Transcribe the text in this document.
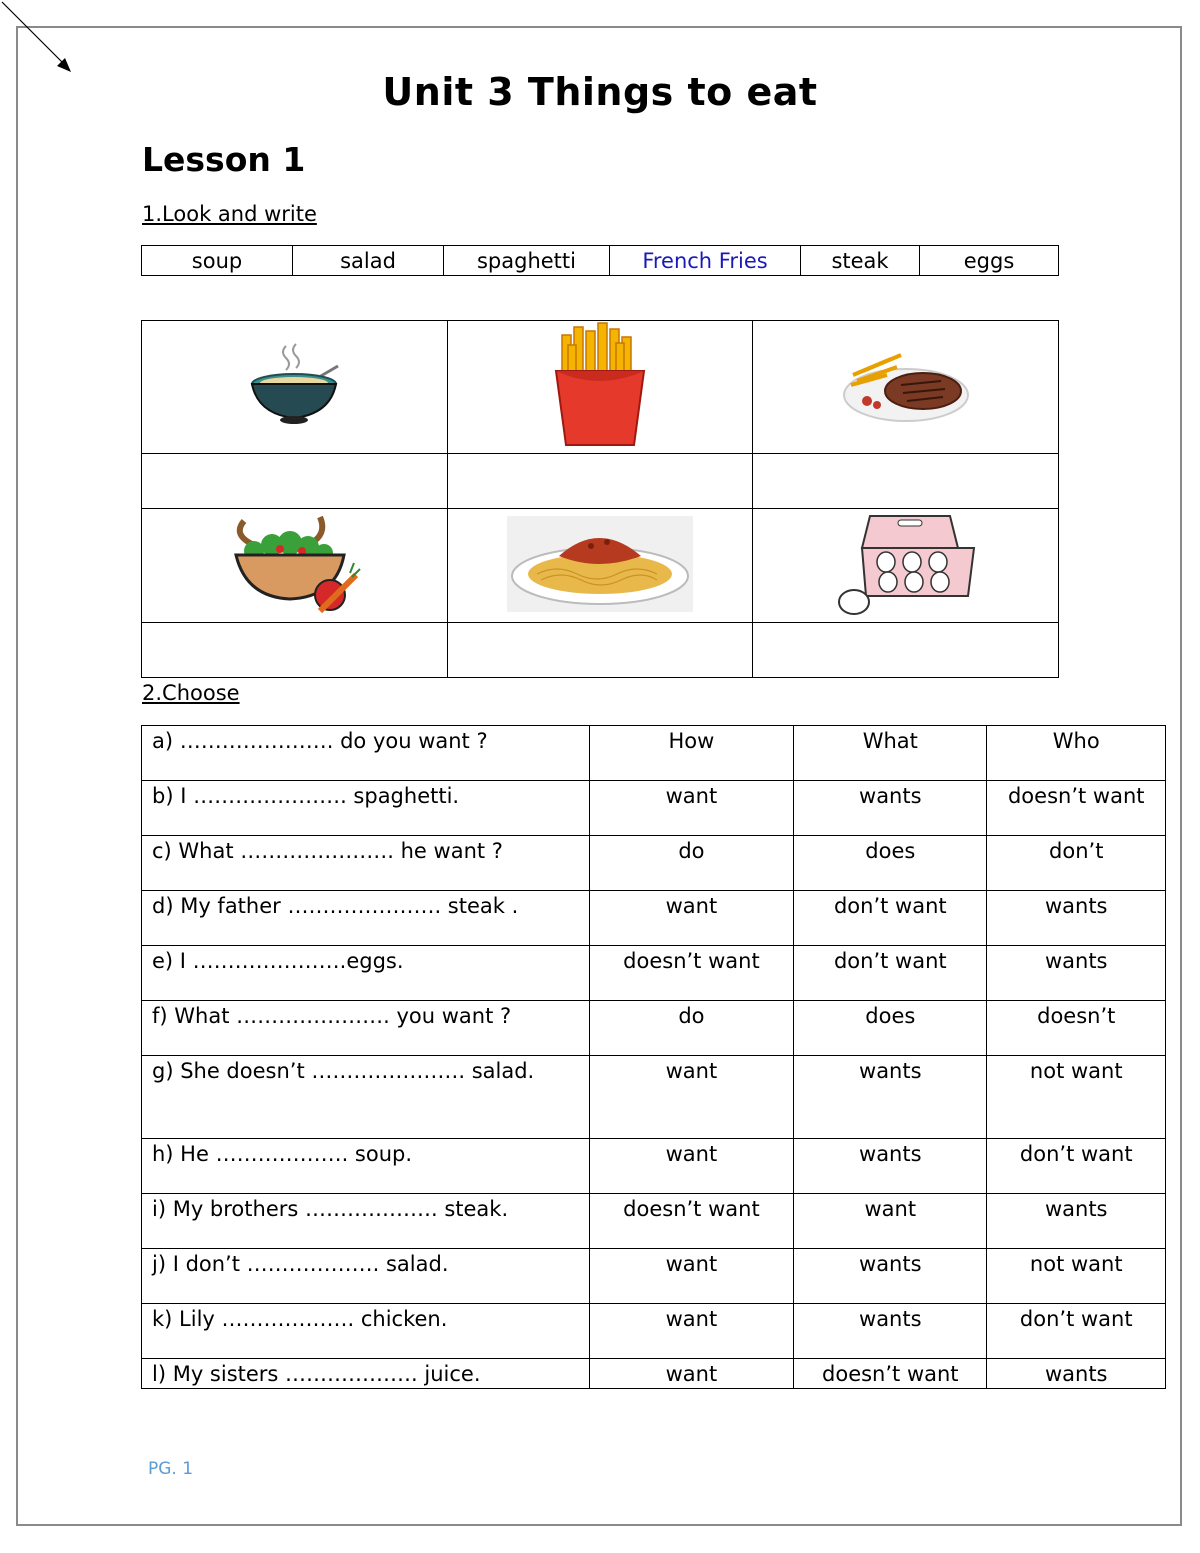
Unit 3 Things to eat
Lesson 1
1.Look and write
soup	salad	spaghetti	French Fries	steak	eggs

2.Choose
a) …………………. do you want ?	How	What	Who
b) I …………………. spaghetti.	want	wants	doesn’t want
c) What …………………. he want ?	do	does	don’t
d) My father …………………. steak .	want	don’t want	wants
e) I ………………….eggs.	doesn’t want	don’t want	wants
f) What …………………. you want ?	do	does	doesn’t
g) She doesn’t …………………. salad.	want	wants	not want
h) He ………………. soup.	want	wants	don’t want
i) My brothers ………………. steak.	doesn’t want	want	wants
j) I don’t ………………. salad.	want	wants	not want
k) Lily ………………. chicken.	want	wants	don’t want
l) My sisters ………………. juice.	want	doesn’t want	wants
PG. 1
